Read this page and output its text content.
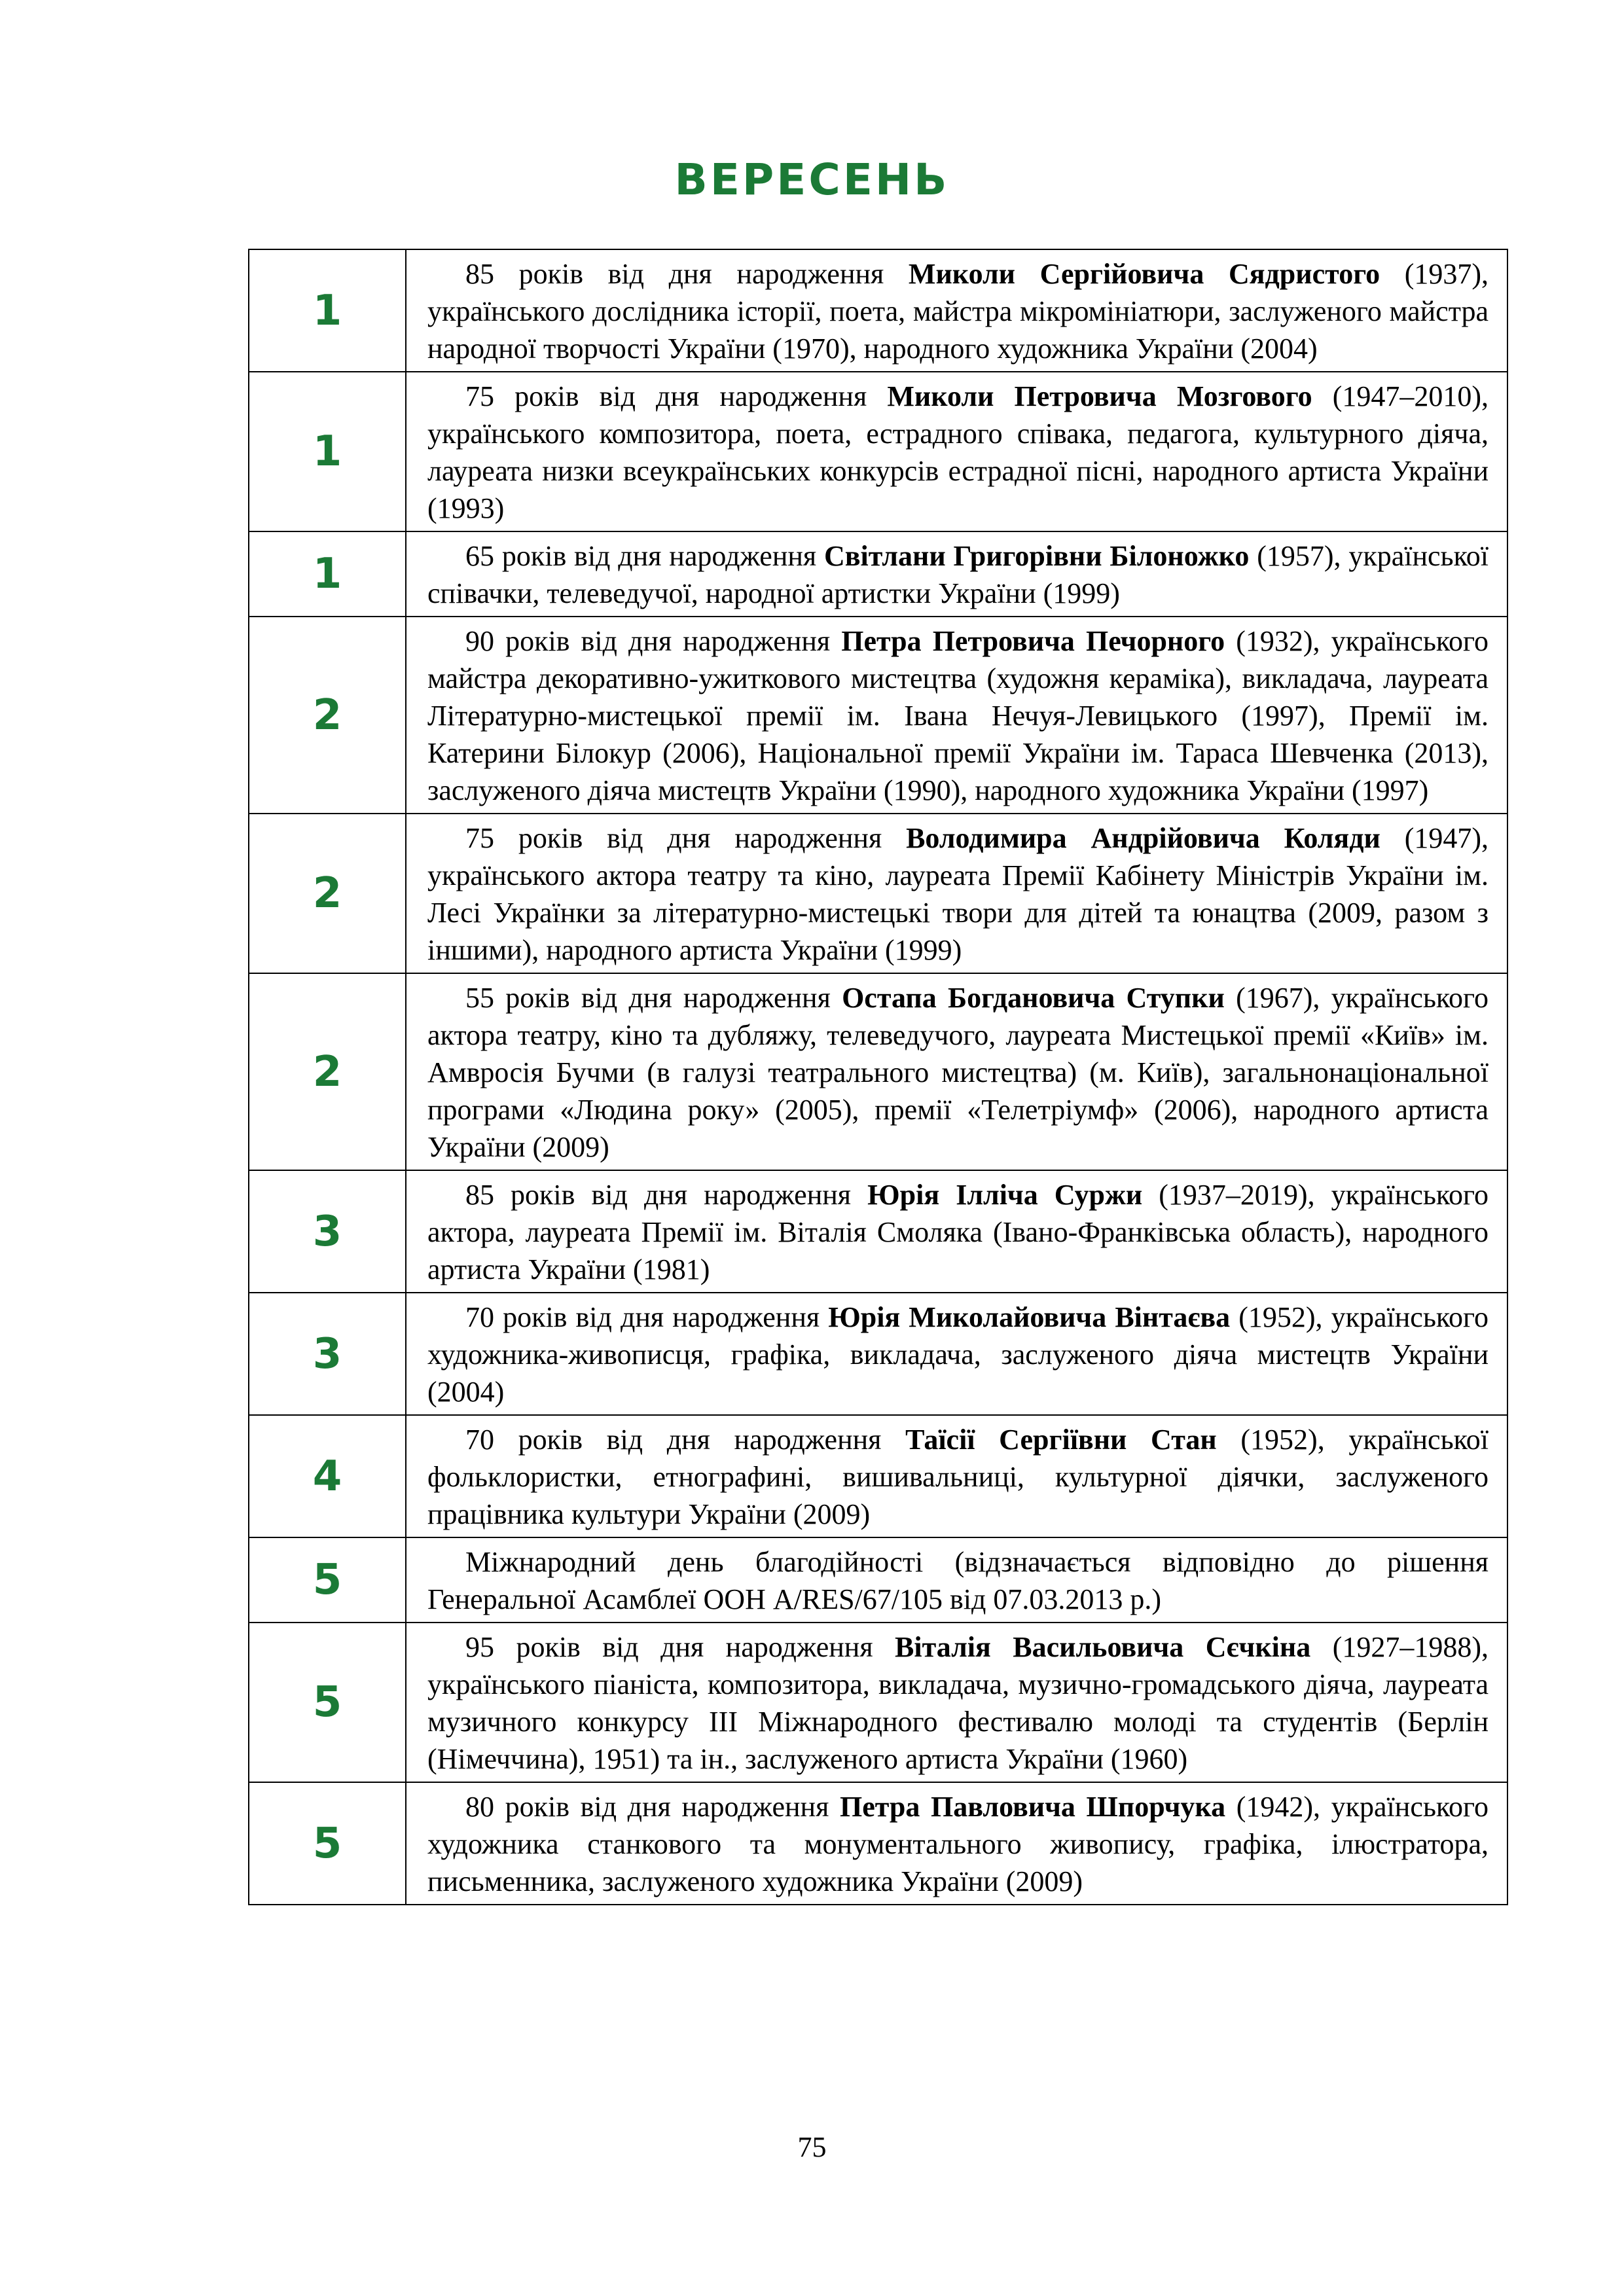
ВЕРЕСЕНЬ
1	85 років від дня народження Миколи Сергійовича Сядристого (1937), українського дослідника історії, поета, майстра мікромініатюри, заслуженого майстра народної творчості України (1970), народного художника України (2004)
1	75 років від дня народження Миколи Петровича Мозгового (1947–2010), українського композитора, поета, естрадного співака, педагога, культурного діяча, лауреата низки всеукраїнських конкурсів естрадної пісні, народного артиста України (1993)
1	65 років від дня народження Світлани Григорівни Білоножко (1957), української співачки, телеведучої, народної артистки України (1999)
2	90 років від дня народження Петра Петровича Печорного (1932), українського майстра декоративно-ужиткового мистецтва (художня кераміка), викладача, лауреата Літературно-мистецької премії ім. Івана Нечуя-Левицького (1997), Премії ім. Катерини Білокур (2006), Національної премії України ім. Тараса Шевченка (2013), заслуженого діяча мистецтв України (1990), народного художника України (1997)
2	75 років від дня народження Володимира Андрійовича Коляди (1947), українського актора театру та кіно, лауреата Премії Кабінету Міністрів України ім. Лесі Українки за літературно-мистецькі твори для дітей та юнацтва (2009, разом з іншими), народного артиста України (1999)
2	55 років від дня народження Остапа Богдановича Ступки (1967), українського актора театру, кіно та дубляжу, телеведучого, лауреата Мистецької премії «Київ» ім. Амвросія Бучми (в галузі театрального мистецтва) (м. Київ), загальнонаціональної програми «Людина року» (2005), премії «Телетріумф» (2006), народного артиста України (2009)
3	85 років від дня народження Юрія Ілліча Суржи (1937–2019), українського актора, лауреата Премії ім. Віталія Смоляка (Івано-Франківська область), народного артиста України (1981)
3	70 років від дня народження Юрія Миколайовича Вінтаєва (1952), українського художника-живописця, графіка, викладача, заслуженого діяча мистецтв України (2004)
4	70 років від дня народження Таїсії Сергіївни Стан (1952), української фольклористки, етнографині, вишивальниці, культурної діячки, заслуженого працівника культури України (2009)
5	Міжнародний день благодійності (відзначається відповідно до рішення Генеральної Асамблеї ООН A/RES/67/105 від 07.03.2013 р.)
5	95 років від дня народження Віталія Васильовича Сєчкіна (1927–1988), українського піаніста, композитора, викладача, музично-громадського діяча, лауреата музичного конкурсу III Міжнародного фестивалю молоді та студентів (Берлін (Німеччина), 1951) та ін., заслуженого артиста України (1960)
5	80 років від дня народження Петра Павловича Шпорчука (1942), українського художника станкового та монументального живопису, графіка, ілюстратора, письменника, заслуженого художника України (2009)
75
